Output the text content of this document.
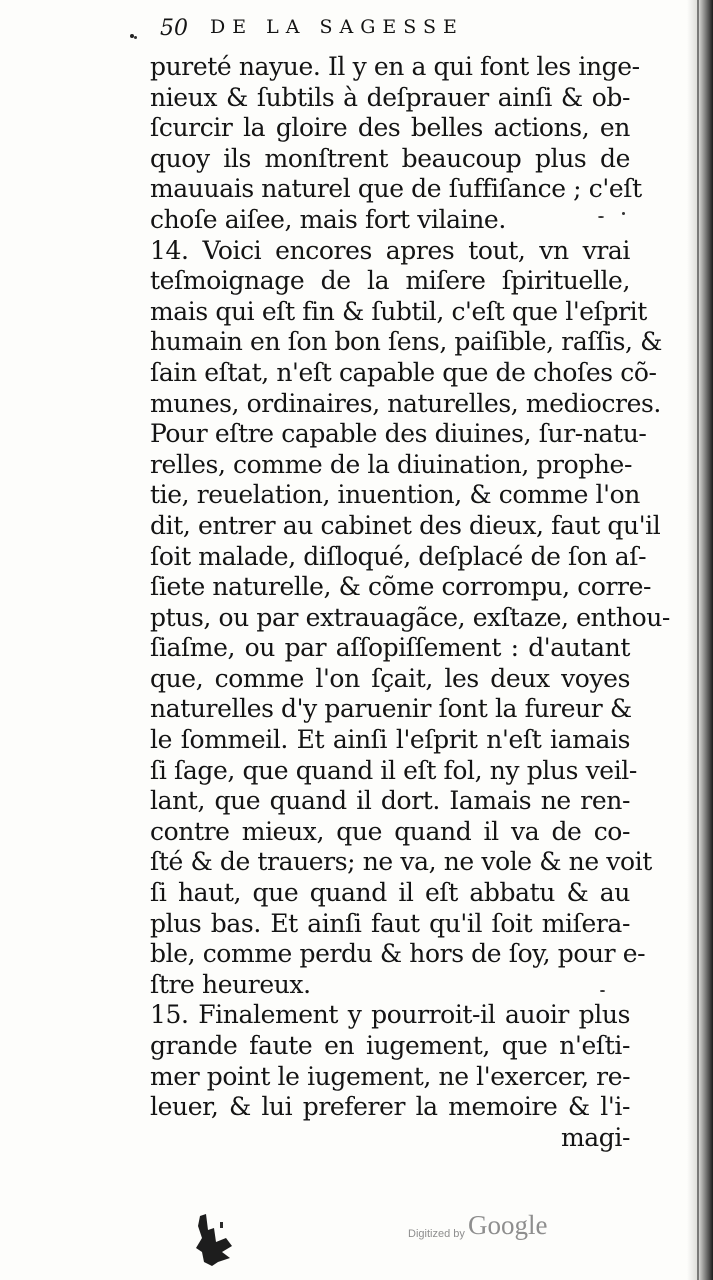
50 DE LA SAGESSE
pureté nayue. Il y en a qui font les inge-
nieux & ſubtils à deſprauer ainſi & ob-
ſcurcir la gloire des belles actions, en
quoy ils monſtrent beaucoup plus de
mauuais naturel que de ſuffiſance ; c'eſt
choſe aiſee, mais fort vilaine.
14. Voici encores apres tout, vn vrai
teſmoignage de la miſere ſpirituelle,
mais qui eſt fin & ſubtil, c'eſt que l'eſprit
humain en ſon bon ſens, paiſible, raſſis, &
ſain eſtat, n'eſt capable que de choſes cõ-
munes, ordinaires, naturelles, mediocres.
Pour eſtre capable des diuines, ſur-natu-
relles, comme de la diuination, prophe-
tie, reuelation, inuention, & comme l'on
dit, entrer au cabinet des dieux, faut qu'il
ſoit malade, diſloqué, deſplacé de ſon aſ-
ſiete naturelle, & cõme corrompu, corre-
ptus, ou par extrauagãce, exſtaze, enthou-
ſiaſme, ou par aſſopiſſement : d'autant
que, comme l'on ſçait, les deux voyes
naturelles d'y paruenir ſont la fureur &
le ſommeil. Et ainſi l'eſprit n'eſt iamais
ſi ſage, que quand il eſt fol, ny plus veil-
lant, que quand il dort. Iamais ne ren-
contre mieux, que quand il va de co-
ſté & de trauers; ne va, ne vole & ne voit
ſi haut, que quand il eſt abbatu & au
plus bas. Et ainſi faut qu'il ſoit miſera-
ble, comme perdu & hors de ſoy, pour e-
ſtre heureux.
15. Finalement y pourroit-il auoir plus
grande faute en iugement, que n'eſti-
mer point le iugement, ne l'exercer, re-
leuer, & lui preferer la memoire & l'i-
magi-
Digitized by Google
